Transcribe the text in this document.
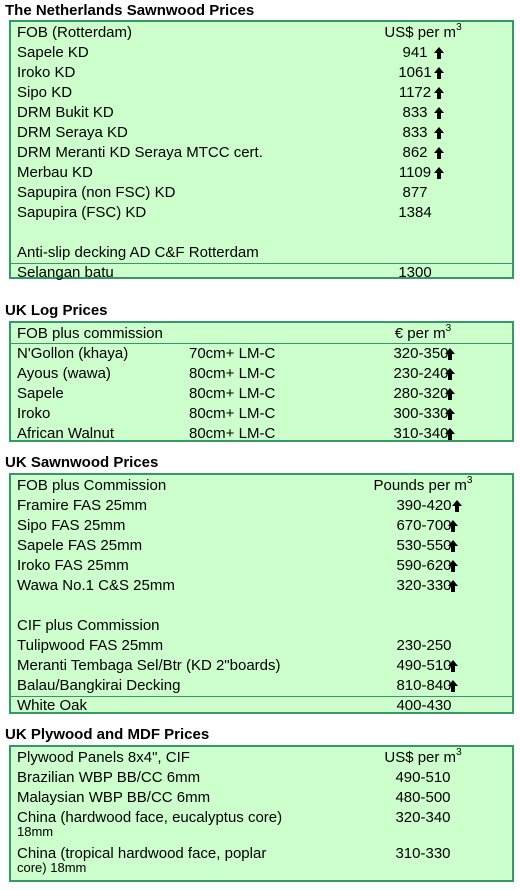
The Netherlands Sawnwood Prices
FOB (Rotterdam)	US$ per $m^3$
Sapele KD	941
Iroko KD	1061
Sipo KD	1172
DRM Bukit KD	833
DRM Seraya KD	833
DRM Meranti KD Seraya MTCC cert.	862
Merbau KD	1109
Sapupira (non FSC) KD	877
Sapupira (FSC) KD	1384
Anti-slip decking AD C&F Rotterdam
Selangan batu	1300
UK Log Prices
FOB plus commission	€ per $m^3$
N'Gollon (khaya)	70cm+ LM-C	320-350
Ayous (wawa)	80cm+ LM-C	230-240
Sapele	80cm+ LM-C	280-320
Iroko	80cm+ LM-C	300-330
African Walnut	80cm+ LM-C	310-340
UK Sawnwood Prices
FOB plus Commission	Pounds per $m^3$
Framire FAS 25mm	390-420
Sipo FAS 25mm	670-700
Sapele FAS 25mm	530-550
Iroko FAS 25mm	590-620
Wawa No.1 C&S 25mm	320-330
CIF plus Commission
Tulipwood FAS 25mm	230-250
Meranti Tembaga Sel/Btr (KD 2"boards)	490-510
Balau/Bangkirai Decking	810-840
White Oak	400-430
UK Plywood and MDF Prices
Plywood Panels 8x4", CIF	US$ per $m^3$
Brazilian WBP BB/CC 6mm	490-510
Malaysian WBP BB/CC 6mm	480-500
China (hardwood face, eucalyptus core)	320-340
18mm
China (tropical hardwood face, poplar	310-330
core) 18mm
